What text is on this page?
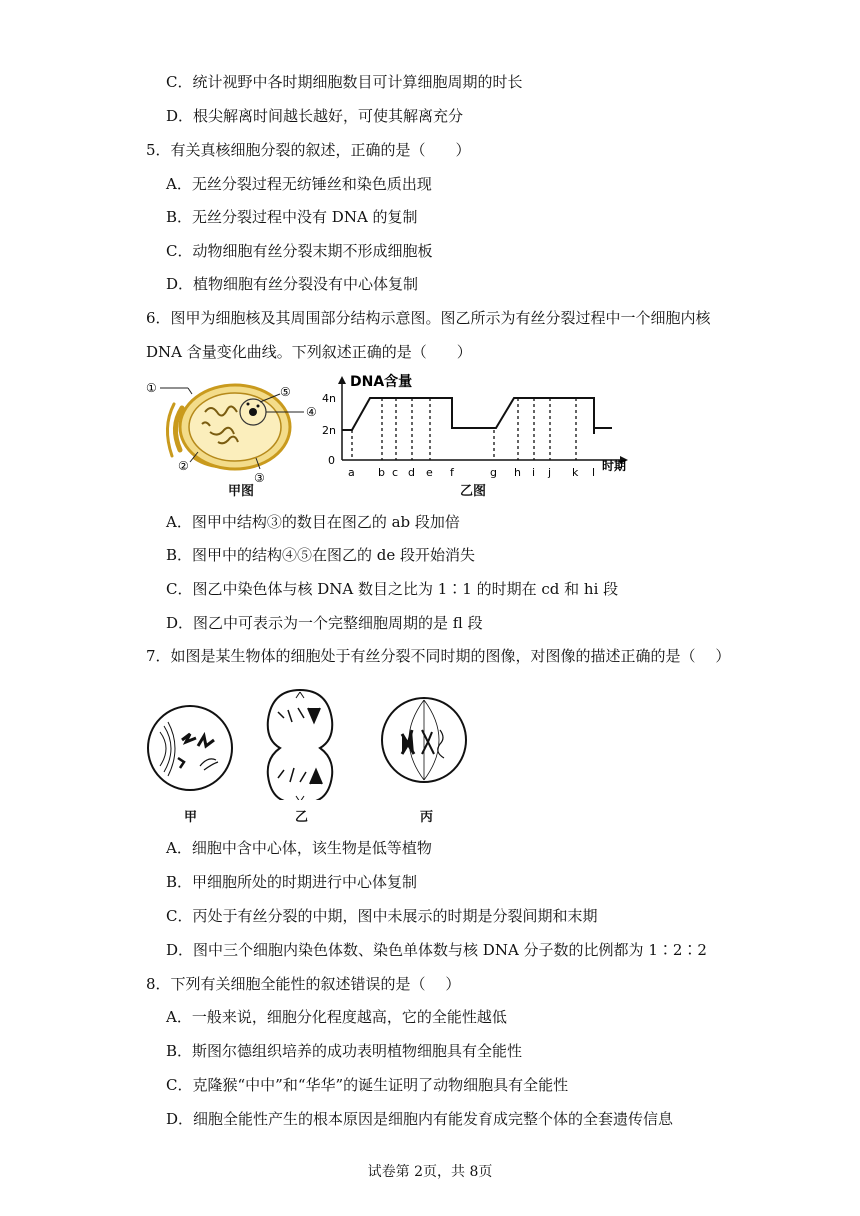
C．统计视野中各时期细胞数目可计算细胞周期的时长
D．根尖解离时间越长越好，可使其解离充分
5．有关真核细胞分裂的叙述，正确的是（　　）
A．无丝分裂过程无纺锤丝和染色质出现
B．无丝分裂过程中没有 DNA 的复制
C．动物细胞有丝分裂末期不形成细胞板
D．植物细胞有丝分裂没有中心体复制
6．图甲为细胞核及其周围部分结构示意图。图乙所示为有丝分裂过程中一个细胞内核
DNA 含量变化曲线。下列叙述正确的是（　　）
①
②
③
④
⑤
甲图
DNA含量
4n
2n
0
a b c d e f	g h i j k l 时期
乙图
A．图甲中结构③的数目在图乙的 ab 段加倍
B．图甲中的结构④⑤在图乙的 de 段开始消失
C．图乙中染色体与核 DNA 数目之比为 1∶1 的时期在 cd 和 hi 段
D．图乙中可表示为一个完整细胞周期的是 fl 段
7．如图是某生物体的细胞处于有丝分裂不同时期的图像，对图像的描述正确的是（　 ）
甲	乙	丙
A．细胞中含中心体，该生物是低等植物
B．甲细胞所处的时期进行中心体复制
C．丙处于有丝分裂的中期，图中未展示的时期是分裂间期和末期
D．图中三个细胞内染色体数、染色单体数与核 DNA 分子数的比例都为 1∶2∶2
8．下列有关细胞全能性的叙述错误的是（　 ）
A．一般来说，细胞分化程度越高，它的全能性越低
B．斯图尔德组织培养的成功表明植物细胞具有全能性
C．克隆猴“中中”和“华华”的诞生证明了动物细胞具有全能性
D．细胞全能性产生的根本原因是细胞内有能发育成完整个体的全套遗传信息
试卷第 2页，共 8页
